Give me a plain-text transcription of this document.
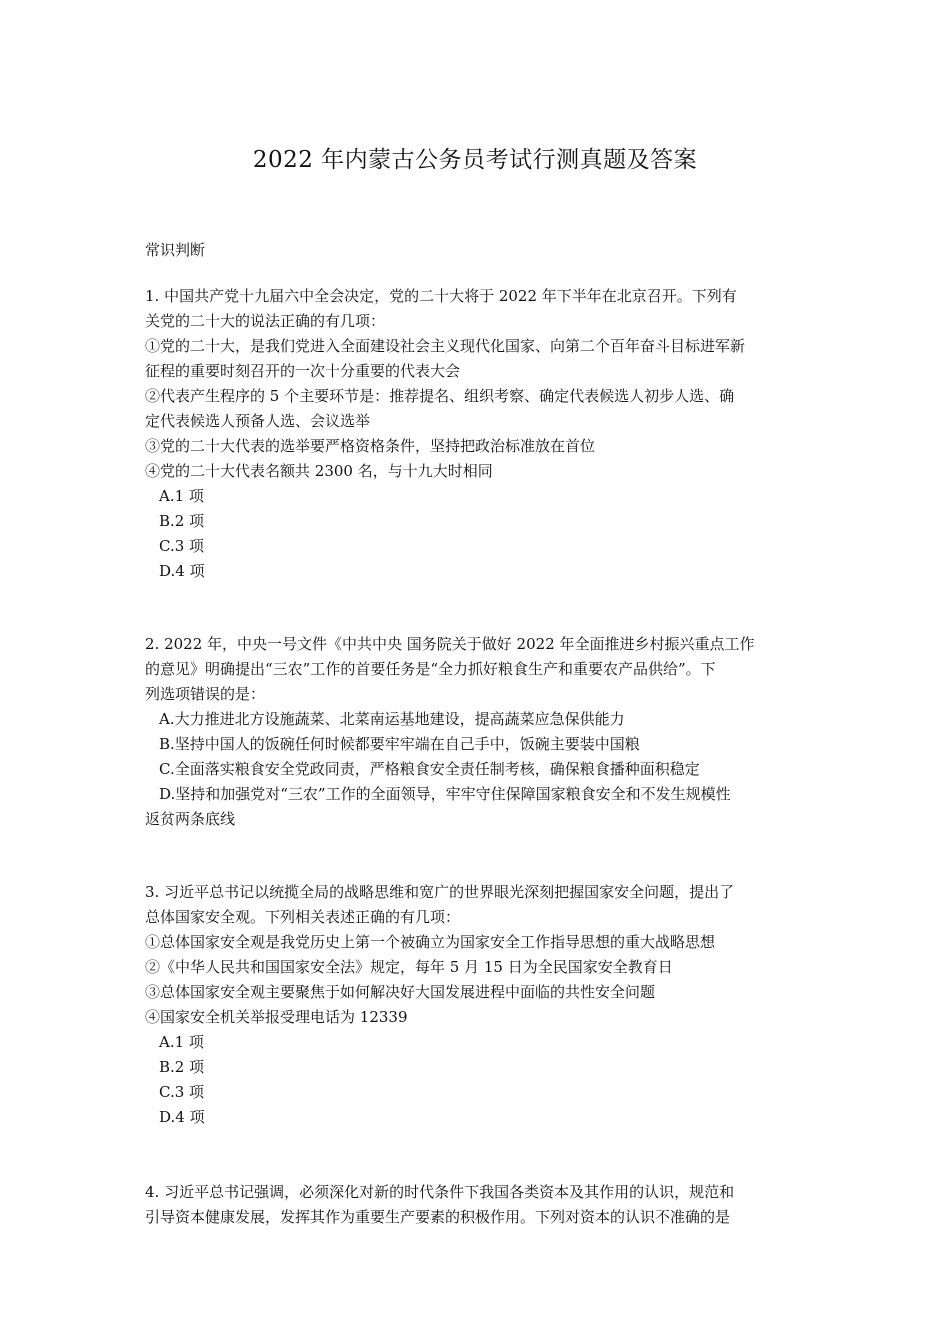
2022 年内蒙古公务员考试行测真题及答案
常识判断

1. 中国共产党十九届六中全会决定，党的二十大将于 2022 年下半年在北京召开。下列有

关党的二十大的说法正确的有几项：

①党的二十大，是我们党进入全面建设社会主义现代化国家、向第二个百年奋斗目标进军新

征程的重要时刻召开的一次十分重要的代表大会

②代表产生程序的 5 个主要环节是：推荐提名、组织考察、确定代表候选人初步人选、确

定代表候选人预备人选、会议选举

③党的二十大代表的选举要严格资格条件，坚持把政治标准放在首位

④党的二十大代表名额共 2300 名，与十九大时相同

A.1 项

B.2 项

C.3 项

D.4 项

2. 2022 年，中央一号文件《中共中央 国务院关于做好 2022 年全面推进乡村振兴重点工作

的意见》明确提出“三农”工作的首要任务是“全力抓好粮食生产和重要农产品供给”。下

列选项错误的是：

A.大力推进北方设施蔬菜、北菜南运基地建设，提高蔬菜应急保供能力

B.坚持中国人的饭碗任何时候都要牢牢端在自己手中，饭碗主要装中国粮

C.全面落实粮食安全党政同责，严格粮食安全责任制考核，确保粮食播种面积稳定

D.坚持和加强党对“三农”工作的全面领导，牢牢守住保障国家粮食安全和不发生规模性

返贫两条底线

3. 习近平总书记以统揽全局的战略思维和宽广的世界眼光深刻把握国家安全问题，提出了

总体国家安全观。下列相关表述正确的有几项：

①总体国家安全观是我党历史上第一个被确立为国家安全工作指导思想的重大战略思想

②《中华人民共和国国家安全法》规定，每年 5 月 15 日为全民国家安全教育日

③总体国家安全观主要聚焦于如何解决好大国发展进程中面临的共性安全问题

④国家安全机关举报受理电话为 12339

A.1 项

B.2 项

C.3 项

D.4 项

4. 习近平总书记强调，必须深化对新的时代条件下我国各类资本及其作用的认识，规范和

引导资本健康发展，发挥其作为重要生产要素的积极作用。下列对资本的认识不准确的是
